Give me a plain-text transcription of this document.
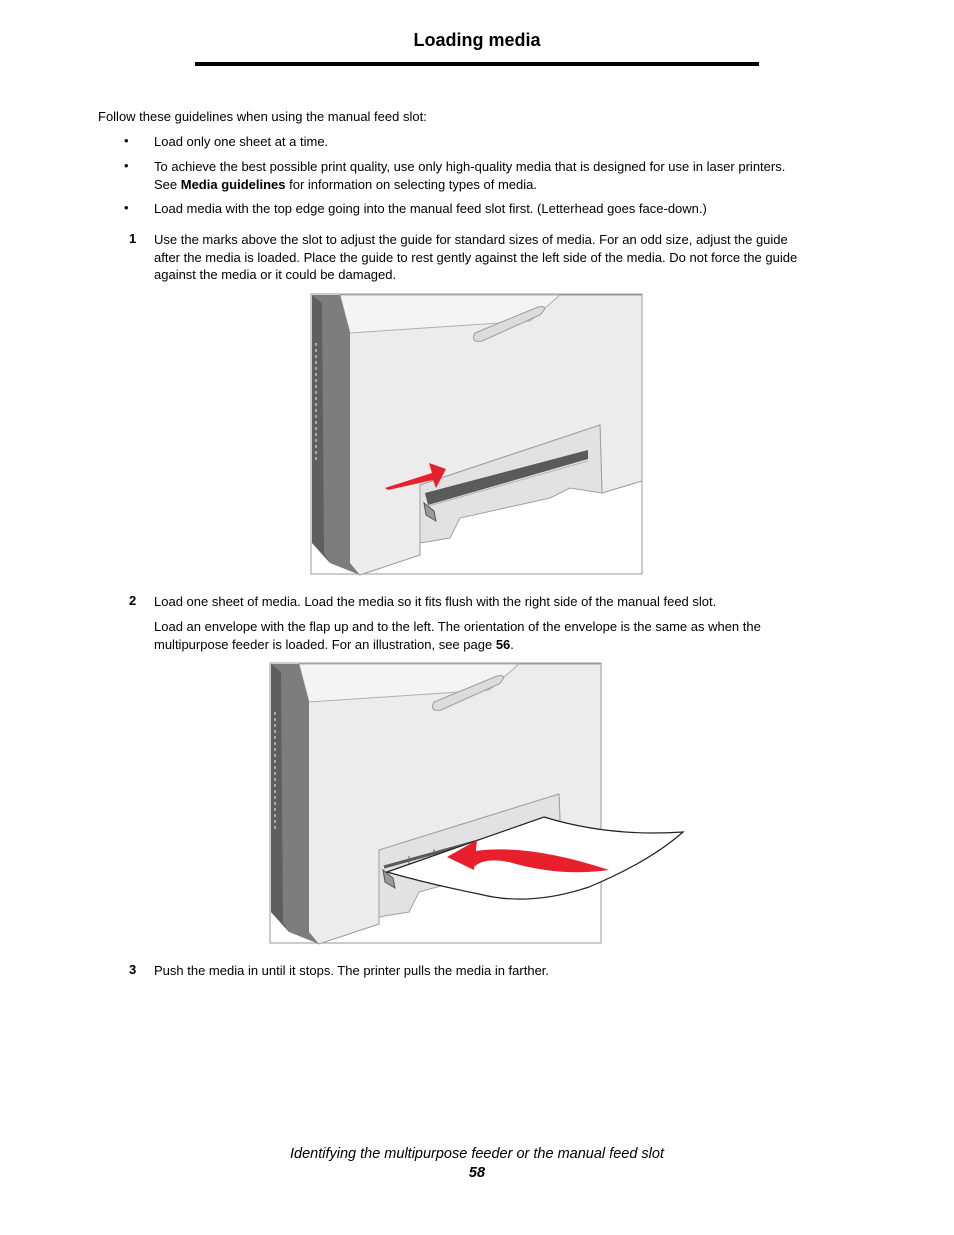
Loading media
Follow these guidelines when using the manual feed slot:
• Load only one sheet at a time.
• To achieve the best possible print quality, use only high-quality media that is designed for use in laser printers.
See Media guidelines for information on selecting types of media.
• Load media with the top edge going into the manual feed slot first. (Letterhead goes face-down.)
1 Use the marks above the slot to adjust the guide for standard sizes of media. For an odd size, adjust the guide
after the media is loaded. Place the guide to rest gently against the left side of the media. Do not force the guide
against the media or it could be damaged.
2 Load one sheet of media. Load the media so it fits flush with the right side of the manual feed slot.
Load an envelope with the flap up and to the left. The orientation of the envelope is the same as when the
multipurpose feeder is loaded. For an illustration, see page 56.
3 Push the media in until it stops. The printer pulls the media in farther.
Identifying the multipurpose feeder or the manual feed slot
58
